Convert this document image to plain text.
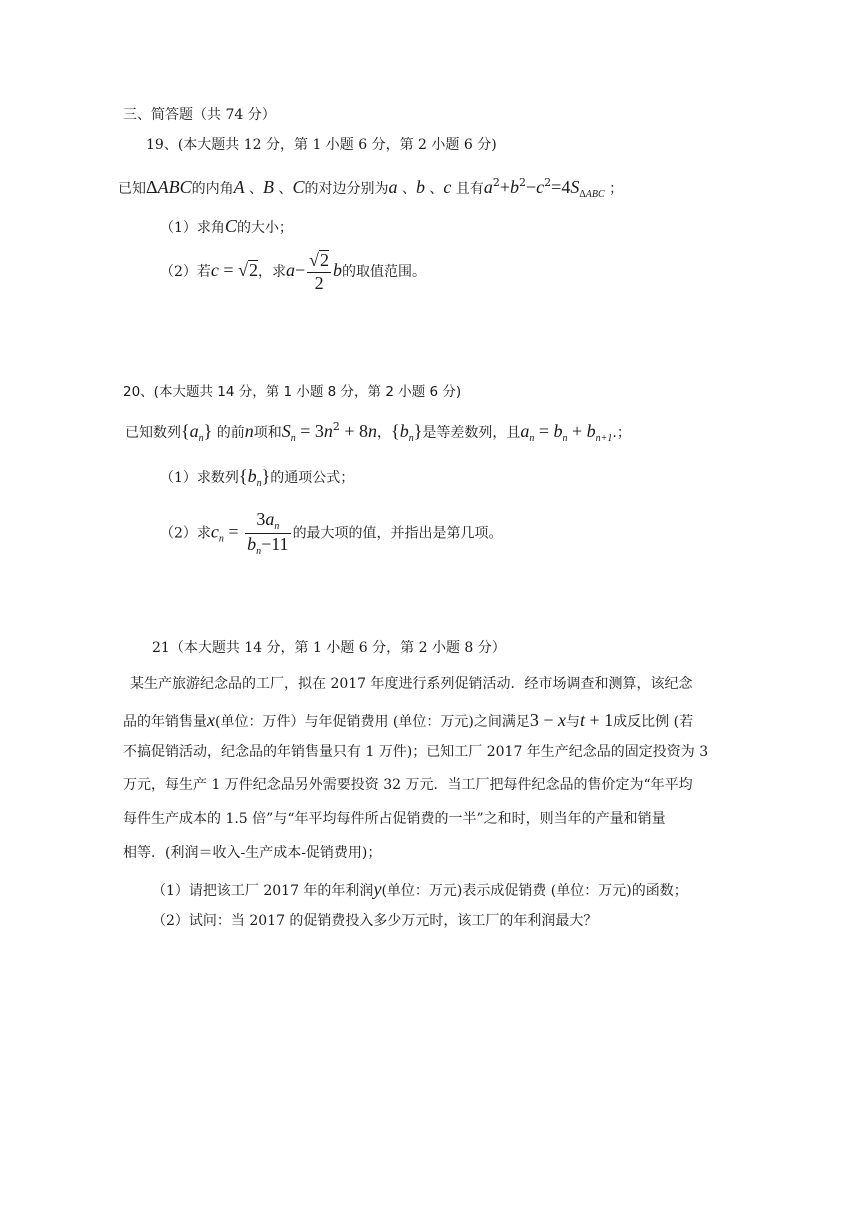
三、简答题（共 74 分）
19、(本大题共 12 分，第 1 小题 6 分，第 2 小题 6 分)
已知ΔABC的内角A 、B 、C的对边分别为a 、b 、c 且有$a^2+b^2-c^2=4S_{\Delta ABC}$ ；
（1）求角C的大小；
（2）若c = √2，求$a- \frac{√2}{2}$ b的取值范围。
20、(本大题共 14 分，第 1 小题 8 分，第 2 小题 6 分)
已知数列$\{a_n\}$ 的前n项和$S_n = 3n^2 + 8n$，$\{b_n\}$是等差数列，且$a_n = b_n + b_{n+1}$.；
（1）求数列$\{b_n\}$的通项公式；
（2）求$c_n = \frac{3a_n}{b_n-11}$ 的最大项的值，并指出是第几项。
21（本大题共 14 分，第 1 小题 6 分，第 2 小题 8 分）
某生产旅游纪念品的工厂，拟在 2017 年度进行系列促销活动．经市场调查和测算，该纪念
品的年销售量x(单位：万件）与年促销费用 (单位：万元)之间满足3 − x与t + 1成反比例 (若
不搞促销活动，纪念品的年销售量只有 1 万件)；已知工厂 2017 年生产纪念品的固定投资为 3
万元，每生产 1 万件纪念品另外需要投资 32 万元．当工厂把每件纪念品的售价定为“年平均
每件生产成本的 1.5 倍”与“年平均每件所占促销费的一半”之和时，则当年的产量和销量
相等．(利润＝收入-生产成本-促销费用)；
（1）请把该工厂 2017 年的年利润y(单位：万元)表示成促销费 (单位：万元)的函数；
（2）试问：当 2017 的促销费投入多少万元时，该工厂的年利润最大？
